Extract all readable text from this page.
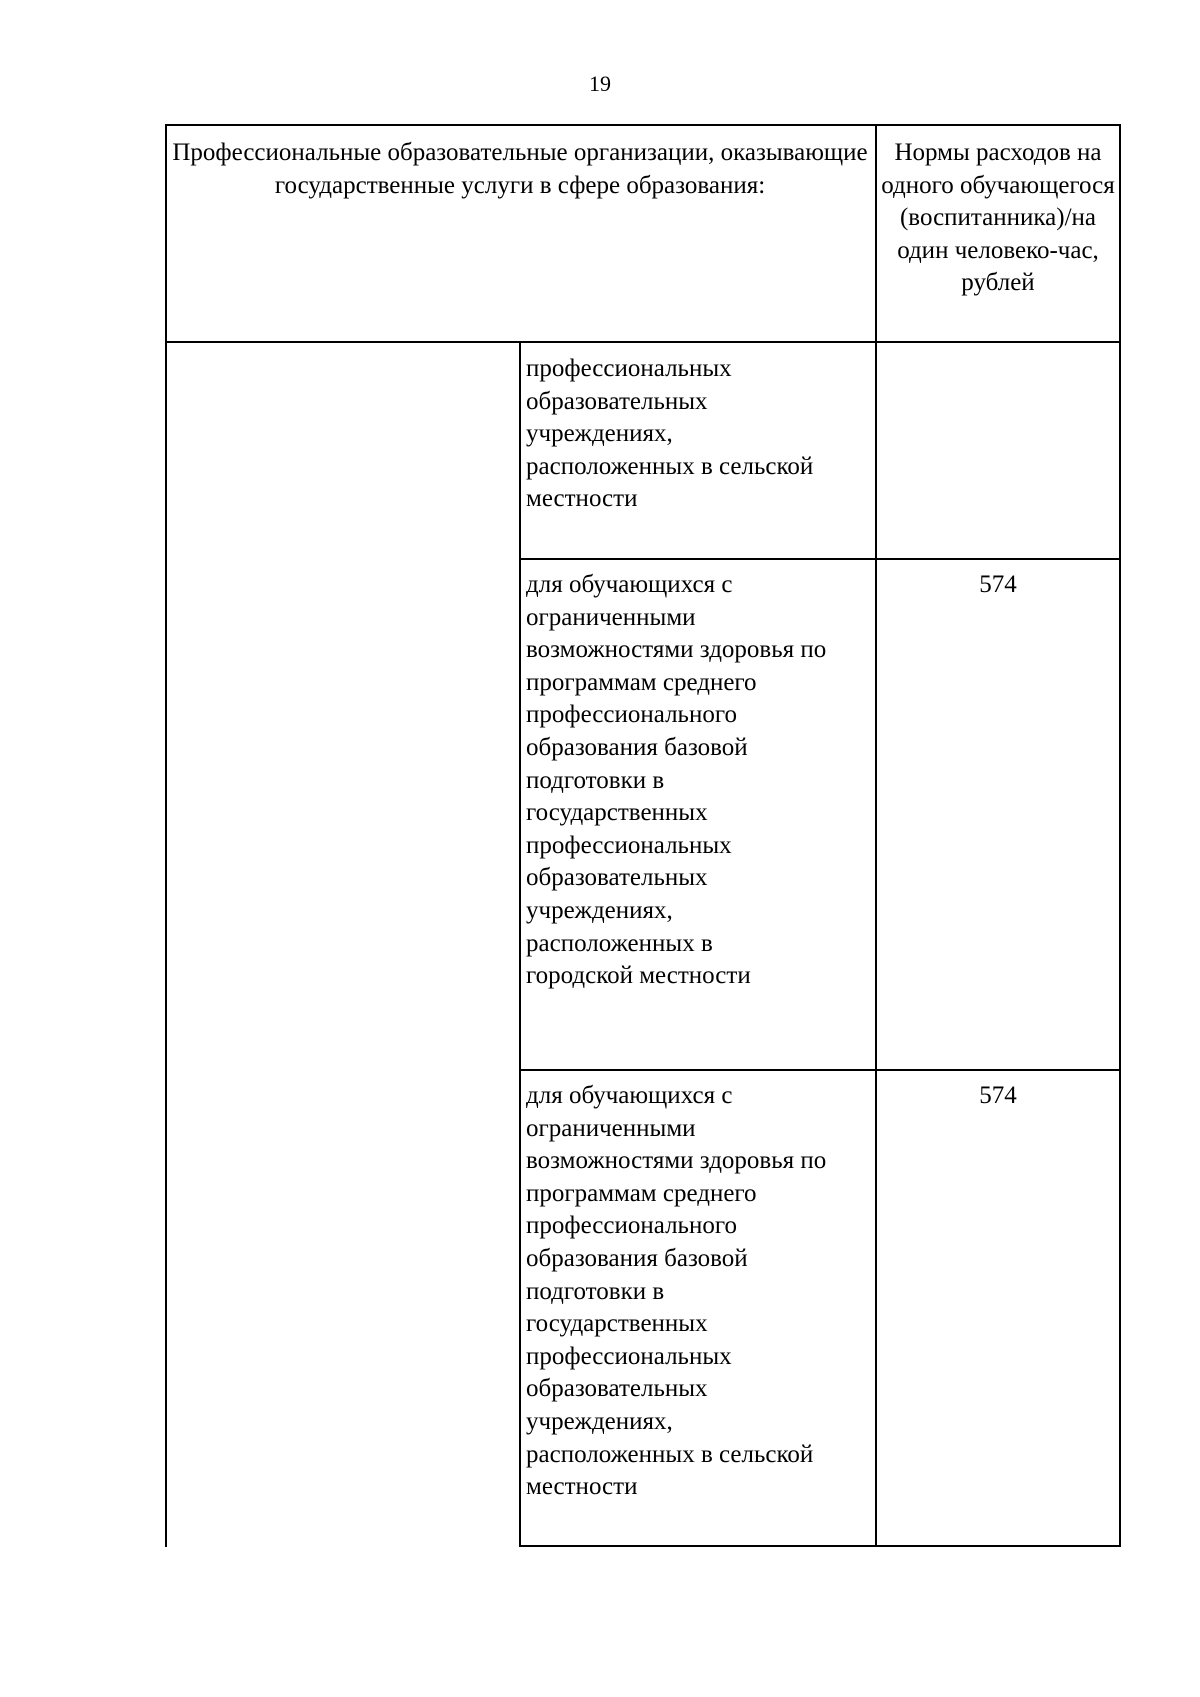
19
Профессиональные образовательные организации, оказывающие государственные услуги в сфере образования:
Нормы расходов на одного обучающегося (воспитанника)/на один человеко-час, рублей
профессиональных
образовательных
учреждениях,
расположенных в сельской
местности
для обучающихся с
ограниченными
возможностями здоровья по
программам среднего
профессионального
образования базовой
подготовки в
государственных
профессиональных
образовательных
учреждениях,
расположенных в
городской местности
574
для обучающихся с
ограниченными
возможностями здоровья по
программам среднего
профессионального
образования базовой
подготовки в
государственных
профессиональных
образовательных
учреждениях,
расположенных в сельской
местности
574
